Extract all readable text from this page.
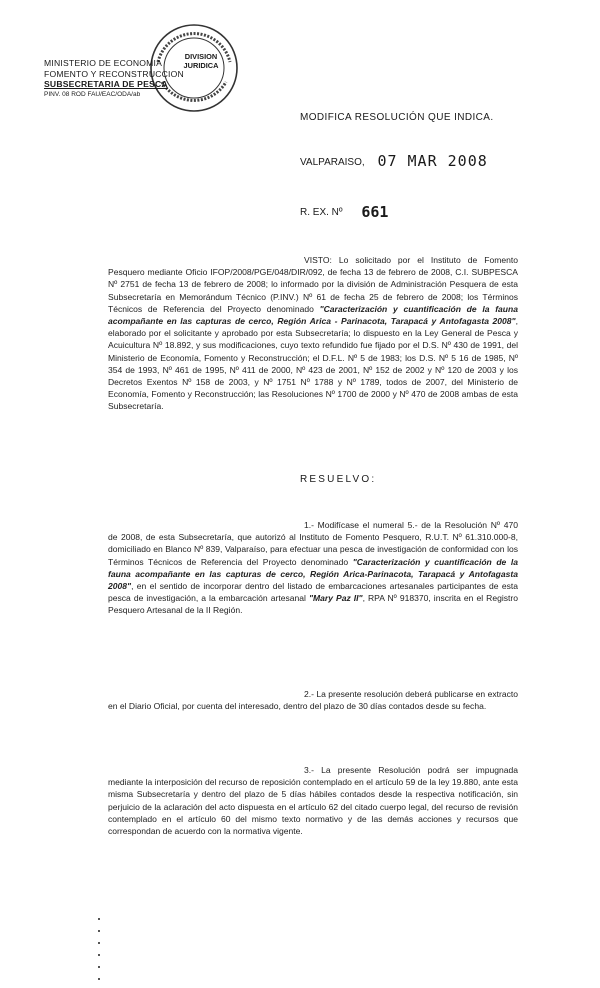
DIVISION
JURIDICA
MINISTERIO DE ECONOMIA
FOMENTO Y RECONSTRUCCION
SUBSECRETARIA DE PESCA
PINV. 08 ROD FAU/EAC/ODA/ab
MODIFICA RESOLUCIÓN QUE INDICA.
VALPARAISO, 07 MAR 2008
R. EX. Nº 661
VISTO: Lo solicitado por el Instituto de Fomento Pesquero mediante Oficio IFOP/2008/PGE/048/DIR/092, de fecha 13 de febrero de 2008, C.I. SUBPESCA Nº 2751 de fecha 13 de febrero de 2008; lo informado por la división de Administración Pesquera de esta Subsecretaría en Memorándum Técnico (P.INV.) Nº 61 de fecha 25 de febrero de 2008; los Términos Técnicos de Referencia del Proyecto denominado "Caracterización y cuantificación de la fauna acompañante en las capturas de cerco, Región Arica - Parinacota, Tarapacá y Antofagasta 2008", elaborado por el solicitante y aprobado por esta Subsecretaría; lo dispuesto en la Ley General de Pesca y Acuicultura Nº 18.892, y sus modificaciones, cuyo texto refundido fue fijado por el D.S. Nº 430 de 1991, del Ministerio de Economía, Fomento y Reconstrucción; el D.F.L. Nº 5 de 1983; los D.S. Nº 5 16 de 1985, Nº 354 de 1993, Nº 461 de 1995, Nº 411 de 2000, Nº 423 de 2001, Nº 152 de 2002 y Nº 120 de 2003 y los Decretos Exentos Nº 158 de 2003, y Nº 1751 Nº 1788 y Nº 1789, todos de 2007, del Ministerio de Economía, Fomento y Reconstrucción; las Resoluciones Nº 1700 de 2000 y Nº 470 de 2008 ambas de esta Subsecretaría.
RESUELVO:
1.- Modifícase el numeral 5.- de la Resolución Nº 470 de 2008, de esta Subsecretaría, que autorizó al Instituto de Fomento Pesquero, R.U.T. Nº 61.310.000-8, domiciliado en Blanco Nº 839, Valparaíso, para efectuar una pesca de investigación de conformidad con los Términos Técnicos de Referencia del Proyecto denominado "Caracterización y cuantificación de la fauna acompañante en las capturas de cerco, Región Arica-Parinacota, Tarapacá y Antofagasta 2008", en el sentido de incorporar dentro del listado de embarcaciones artesanales participantes de esta pesca de investigación, a la embarcación artesanal "Mary Paz II", RPA Nº 918370, inscrita en el Registro Pesquero Artesanal de la II Región.
2.- La presente resolución deberá publicarse en extracto en el Diario Oficial, por cuenta del interesado, dentro del plazo de 30 días contados desde su fecha.
3.- La presente Resolución podrá ser impugnada mediante la interposición del recurso de reposición contemplado en el artículo 59 de la ley 19.880, ante esta misma Subsecretaría y dentro del plazo de 5 días hábiles contados desde la respectiva notificación, sin perjuicio de la aclaración del acto dispuesta en el artículo 62 del citado cuerpo legal, del recurso de revisión contemplado en el artículo 60 del mismo texto normativo y de las demás acciones y recursos que correspondan de acuerdo con la normativa vigente.
